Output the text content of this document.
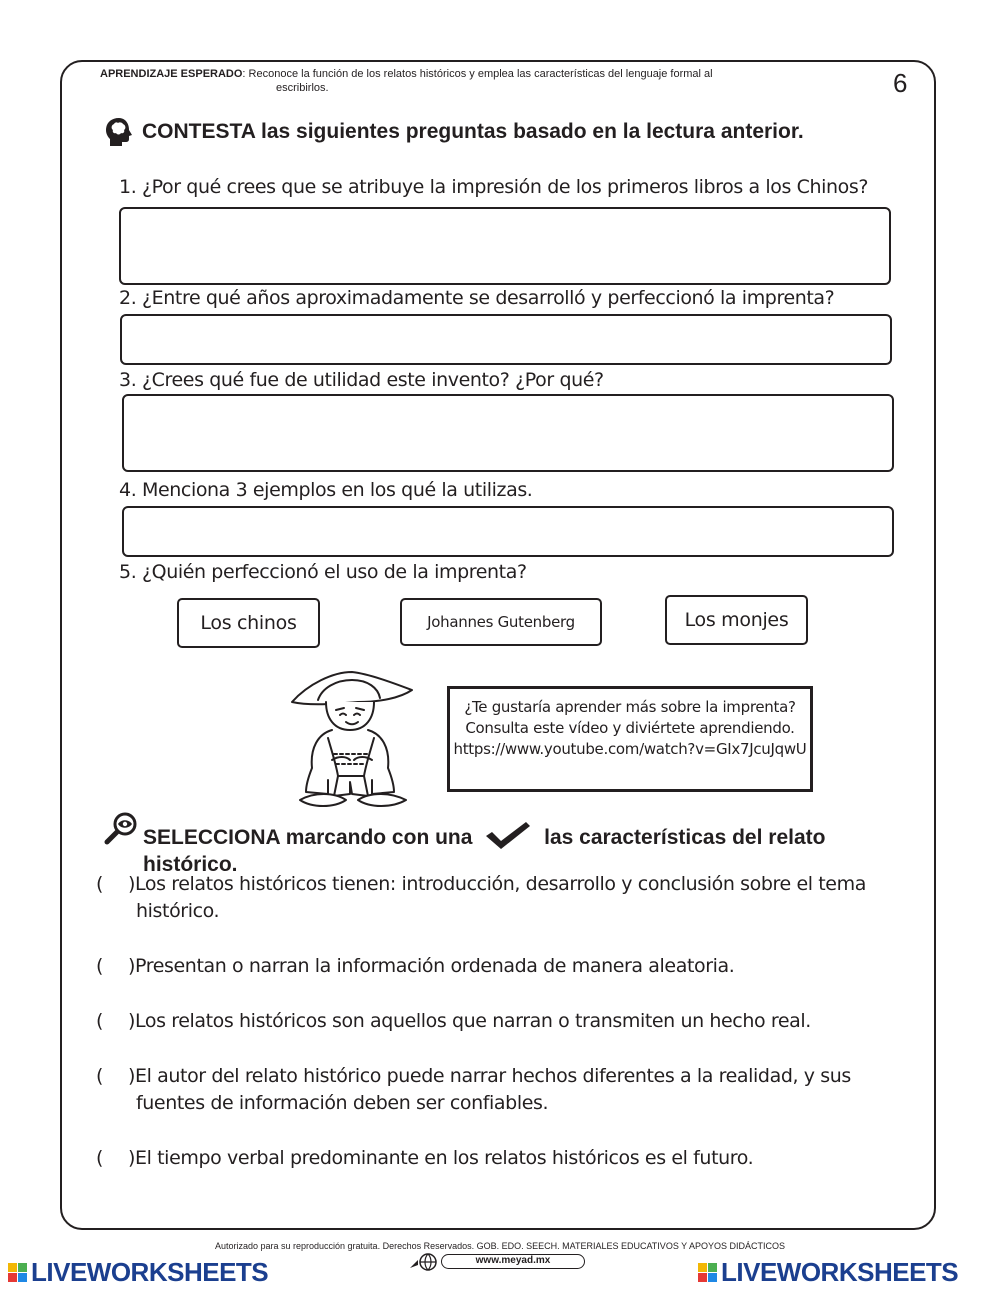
APRENDIZAJE ESPERADO: Reconoce la función de los relatos históricos y emplea las características del lenguaje formal al
escribirlos.	6
CONTESTA las siguientes preguntas basado en la lectura anterior.
1. ¿Por qué crees que se atribuye la impresión de los primeros libros a los Chinos?
2. ¿Entre qué años aproximadamente se desarrolló y perfeccionó la imprenta?
3. ¿Crees qué fue de utilidad este invento? ¿Por qué?
4. Menciona 3 ejemplos en los qué la utilizas.
5. ¿Quién perfeccionó el uso de la imprenta?
Los chinos	Johannes Gutenberg	Los monjes
¿Te gustaría aprender más sobre la imprenta?
Consulta este vídeo y diviértete aprendiendo.
https://www.youtube.com/watch?v=GIx7JcuJqwU
SELECCIONA marcando con una	las características del relato
histórico.
( )Los relatos históricos tienen: introducción, desarrollo y conclusión sobre el tema
histórico.
( )Presentan o narran la información ordenada de manera aleatoria.
( )Los relatos históricos son aquellos que narran o transmiten un hecho real.
( )El autor del relato histórico puede narrar hechos diferentes a la realidad, y sus
fuentes de información deben ser confiables.
( )El tiempo verbal predominante en los relatos históricos es el futuro.
Autorizado para su reproducción gratuita. Derechos Reservados. GOB. EDO. SEECH. MATERIALES EDUCATIVOS Y APOYOS DIDÁCTICOS
www.meyad.mx
LIVEWORKSHEETS	LIVEWORKSHEETS
